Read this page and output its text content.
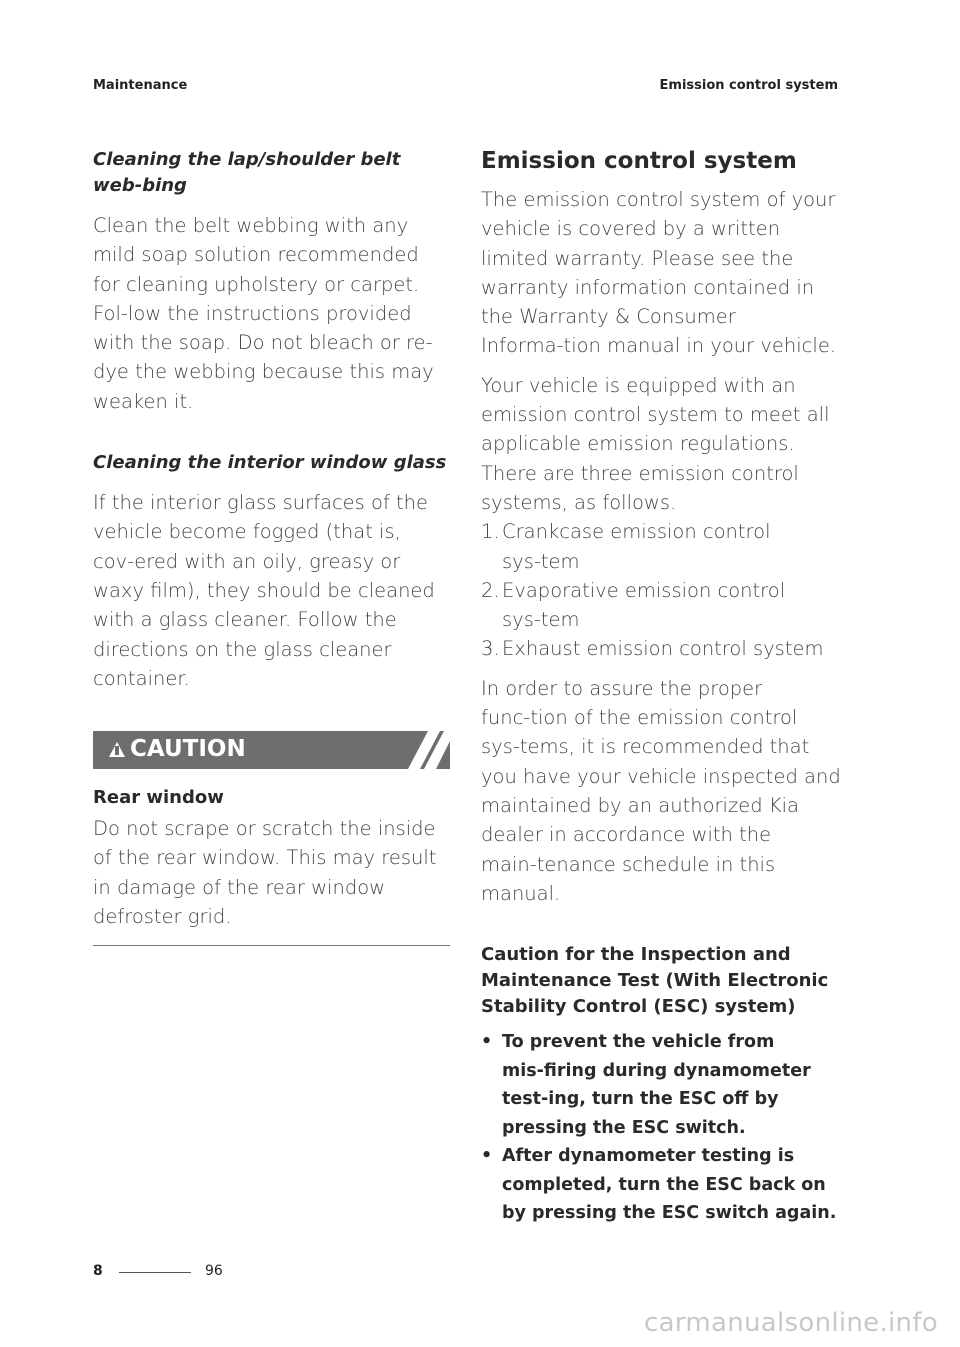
Maintenance	Emission control system
Cleaning the lap/shoulder belt web‑bing

Clean the belt webbing with any mild soap solution recommended for cleaning upholstery or carpet. Fol‑low the instructions provided with the soap. Do not bleach or re-dye the webbing because this may weaken it.

Cleaning the interior window glass

If the interior glass surfaces of the vehicle become fogged (that is, cov‑ered with an oily, greasy or waxy film), they should be cleaned with a glass cleaner. Follow the directions on the glass cleaner container.

CAUTION
Rear window

Do not scrape or scratch the inside of the rear window. This may result in damage of the rear window defroster grid.

Emission control system

The emission control system of your vehicle is covered by a written limited warranty. Please see the warranty information contained in the Warranty & Consumer Informa‑tion manual in your vehicle.

Your vehicle is equipped with an emission control system to meet all applicable emission regulations. There are three emission control systems, as follows.

1. Crankcase emission control sys‑tem
2. Evaporative emission control sys‑tem
3. Exhaust emission control system

In order to assure the proper func‑tion of the emission control sys‑tems, it is recommended that you have your vehicle inspected and maintained by an authorized Kia dealer in accordance with the main‑tenance schedule in this manual.

Caution for the Inspection and Maintenance Test (With Electronic Stability Control (ESC) system)
• To prevent the vehicle from mis‑firing during dynamometer test‑ing, turn the ESC off by pressing the ESC switch.
• After dynamometer testing is completed, turn the ESC back on by pressing the ESC switch again.
8	96
carmanualsonline.info
